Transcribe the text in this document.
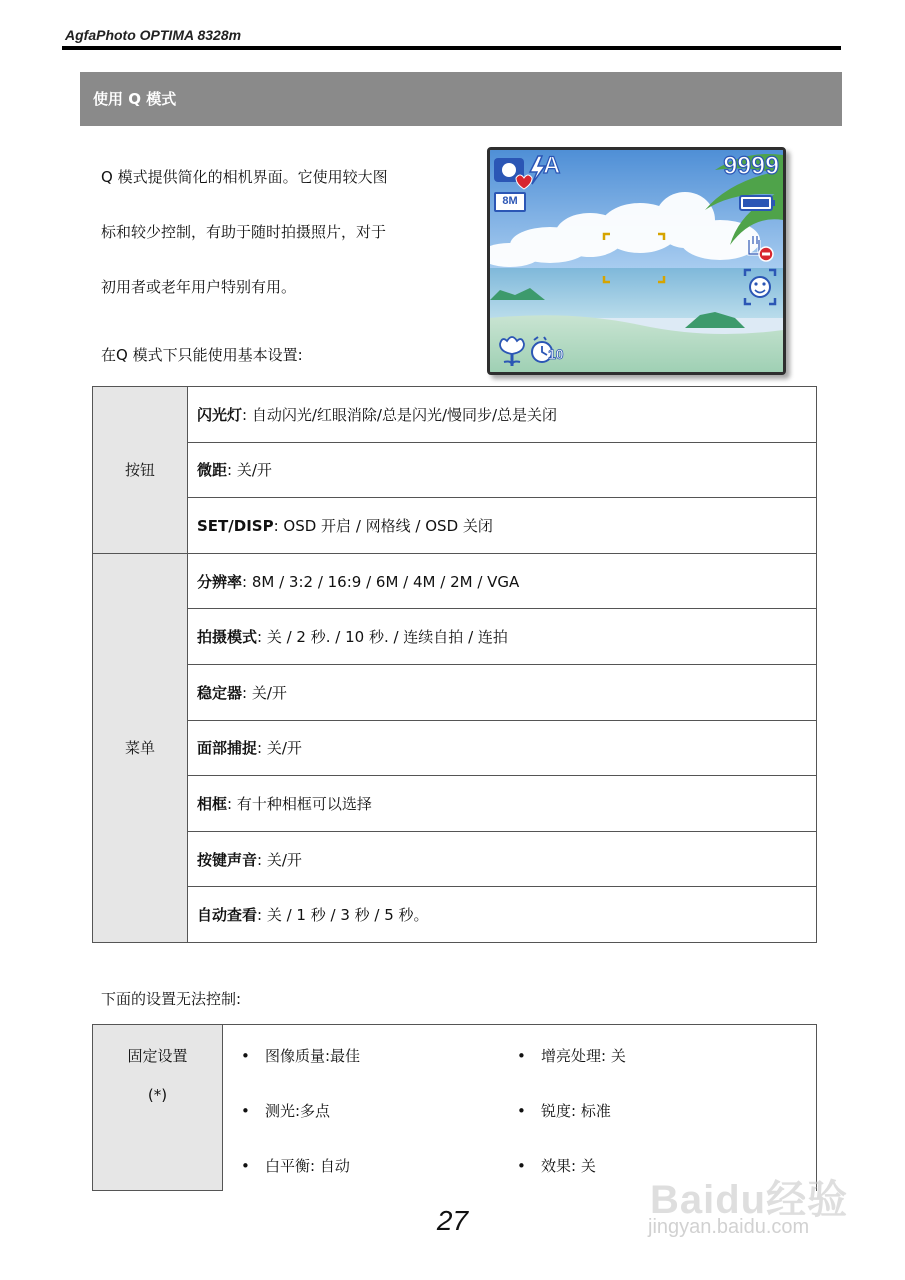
AgfaPhoto OPTIMA 8328m
使用 Q 模式
Q 模式提供简化的相机界面。它使用较大图
标和较少控制，有助于随时拍摄照片，对于
初用者或老年用户特别有用。
在Q 模式下只能使用基本设置:
9999
A
8M
10
按钮	闪光灯: 自动闪光/红眼消除/总是闪光/慢同步/总是关闭
	微距: 关/开
	SET/DISP: OSD 开启 / 网格线 / OSD 关闭
菜单	分辨率: 8M / 3:2 / 16:9 / 6M / 4M / 2M / VGA
	拍摄模式: 关 / 2 秒. / 10 秒. / 连续自拍 / 连拍
	稳定器: 关/开
	面部捕捉: 关/开
	相框: 有十种相框可以选择
	按键声音: 关/开
	自动查看: 关 / 1 秒 / 3 秒 / 5 秒。
下面的设置无法控制:
固定设置
(*)

• 图像质量:最佳
• 测光:多点
• 白平衡: 自动
• 增亮处理: 关
• 锐度: 标准
• 效果: 关
27	Baidu经验
jingyan.baidu.com
